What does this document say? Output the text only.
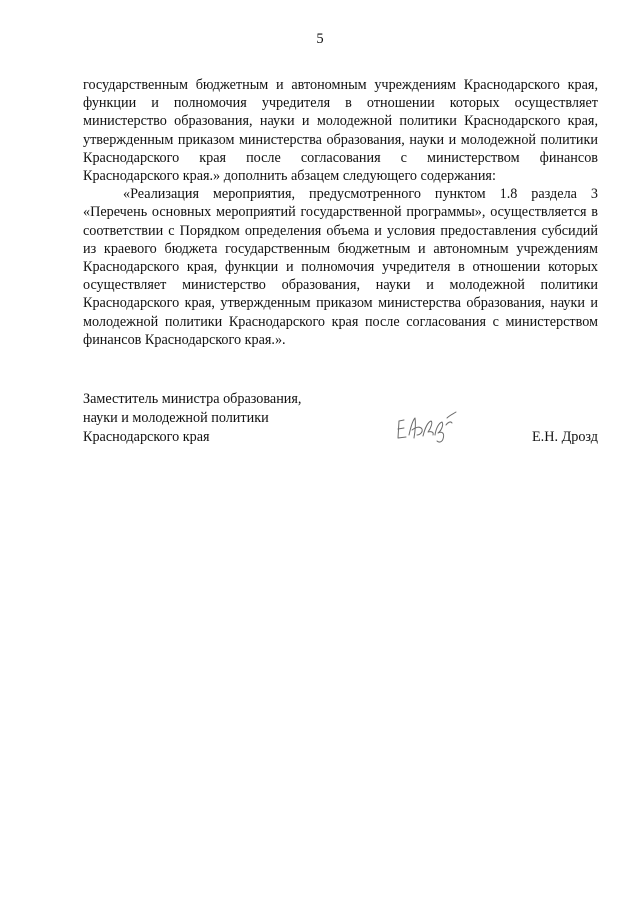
5

государственным бюджетным и автономным учреждениям Краснодарского края, функции и полномочия учредителя в отношении которых осуществляет министерство образования, науки и молодежной политики Краснодарского края, утвержденным приказом министерства образования, науки и молодежной политики Краснодарского края после согласования с министерством финансов Краснодарского края.» дополнить абзацем следующего содержания:

«Реализация мероприятия, предусмотренного пунктом 1.8 раздела 3 «Перечень основных мероприятий государственной программы», осуществляется в соответствии с Порядком определения объема и условия предоставления субсидий из краевого бюджета государственным бюджетным и автономным учреждениям Краснодарского края, функции и полномочия учредителя в отношении которых осуществляет министерство образования, науки и молодежной политики Краснодарского края, утвержденным приказом министерства образования, науки и молодежной политики Краснодарского края после согласования с министерством финансов Краснодарского края.».

Заместитель министра образования,
науки и молодежной политики
Краснодарского края	Е.Н. Дрозд
